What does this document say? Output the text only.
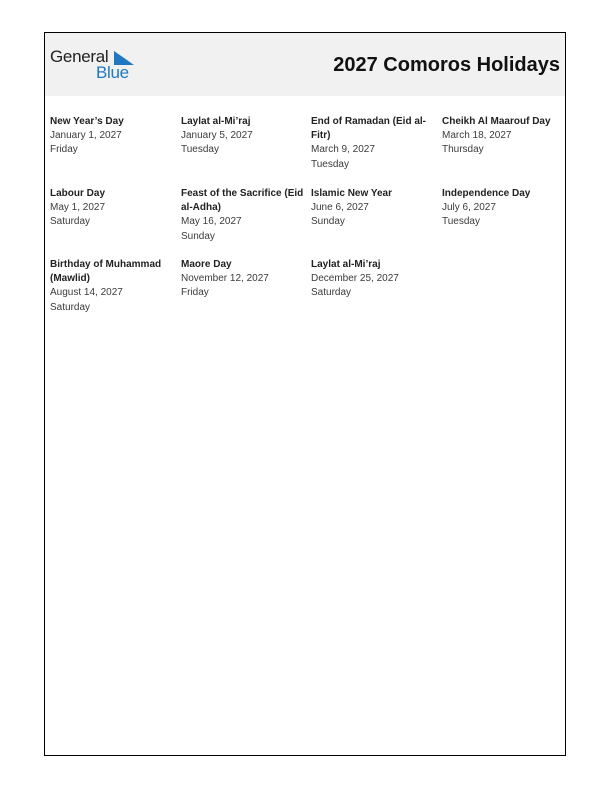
General
Blue	2027 Comoros Holidays
New Year’s Day
January 1, 2027
Friday
Laylat al-Mi’raj
January 5, 2027
Tuesday
End of Ramadan (Eid al-Fitr)
March 9, 2027
Tuesday
Cheikh Al Maarouf Day
March 18, 2027
Thursday
Labour Day
May 1, 2027
Saturday
Feast of the Sacrifice (Eid al-Adha)
May 16, 2027
Sunday
Islamic New Year
June 6, 2027
Sunday
Independence Day
July 6, 2027
Tuesday
Birthday of Muhammad (Mawlid)
August 14, 2027
Saturday
Maore Day
November 12, 2027
Friday
Laylat al-Mi’raj
December 25, 2027
Saturday
